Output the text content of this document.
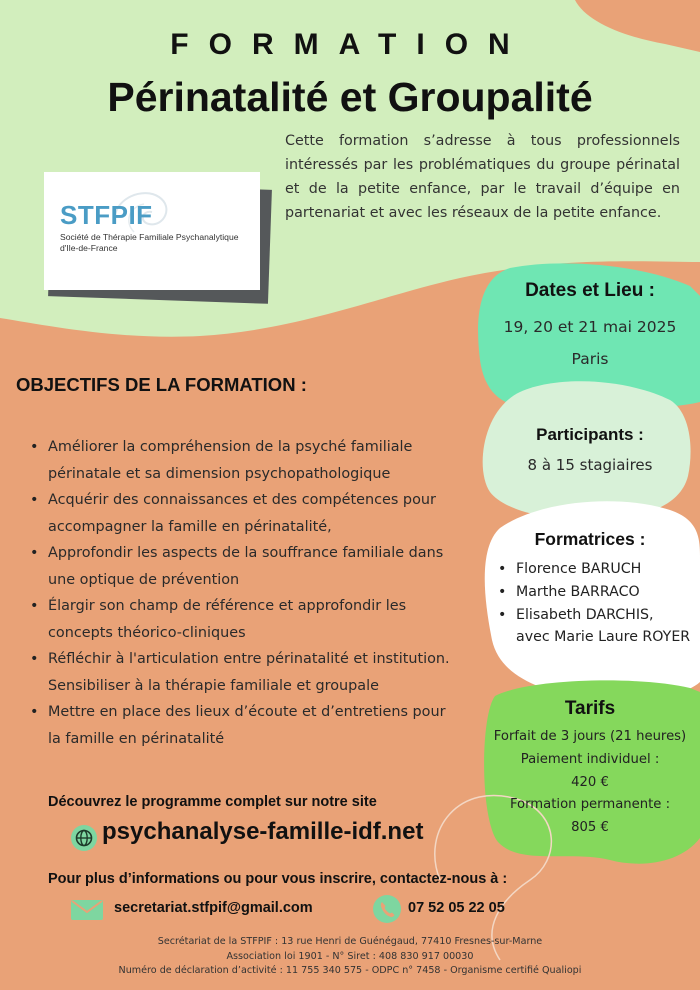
FORMATION
Périnatalité et Groupalité
Cette formation s’adresse à tous professionnels intéressés par les problématiques du groupe périnatal et de la petite enfance, par le travail d’équipe en partenariat et avec les réseaux de la petite enfance.
STFPIF
Société de Thérapie Familiale Psychanalytique
d'Ile-de-France
OBJECTIFS DE LA FORMATION :
• Améliorer la compréhension de la psyché familiale périnatale et sa dimension psychopathologique
• Acquérir des connaissances et des compétences pour accompagner la famille en périnatalité,
• Approfondir les aspects de la souffrance familiale dans une optique de prévention
• Élargir son champ de référence et approfondir les concepts théorico-cliniques
• Réfléchir à l'articulation entre périnatalité et institution. Sensibiliser à la thérapie familiale et groupale
• Mettre en place des lieux d’écoute et d’entretiens pour la famille en périnatalité
Dates et Lieu :
19, 20 et 21 mai 2025
Paris
Participants :
8 à 15 stagiaires
Formatrices :
• Florence BARUCH
• Marthe BARRACO
• Elisabeth DARCHIS,
avec Marie Laure ROYER
Tarifs
Forfait de 3 jours (21 heures)
Paiement individuel :
420 €
Formation permanente :
805 €
Découvrez le programme complet sur notre site
psychanalyse-famille-idf.net
Pour plus d’informations ou pour vous inscrire, contactez-nous à :
secretariat.stfpif@gmail.com	07 52 05 22 05
Secrétariat de la STFPIF : 13 rue Henri de Guénégaud, 77410 Fresnes-sur-Marne
Association loi 1901 - N° Siret : 408 830 917 00030
Numéro de déclaration d’activité : 11 755 340 575 - ODPC n° 7458 - Organisme certifié Qualiopi
